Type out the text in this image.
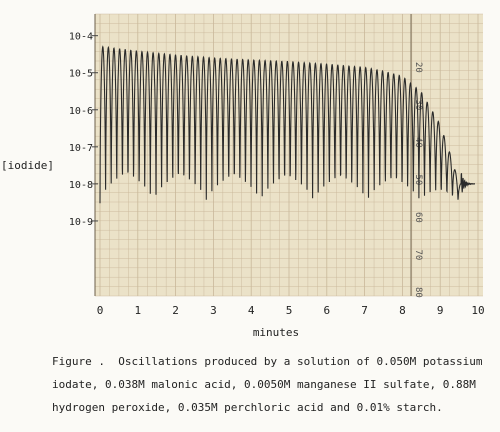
10-4
10-5
10-6
10-7
10-8
10-9
0	1	2	3	4	5	6	7	8	9	10
20
30
40
50
60
70
80
[iodide]
minutes
Figure . Oscillations produced by a solution of 0.050M potassium
iodate, 0.038M malonic acid, 0.0050M manganese II sulfate, 0.88M
hydrogen peroxide, 0.035M perchloric acid and 0.01% starch.
